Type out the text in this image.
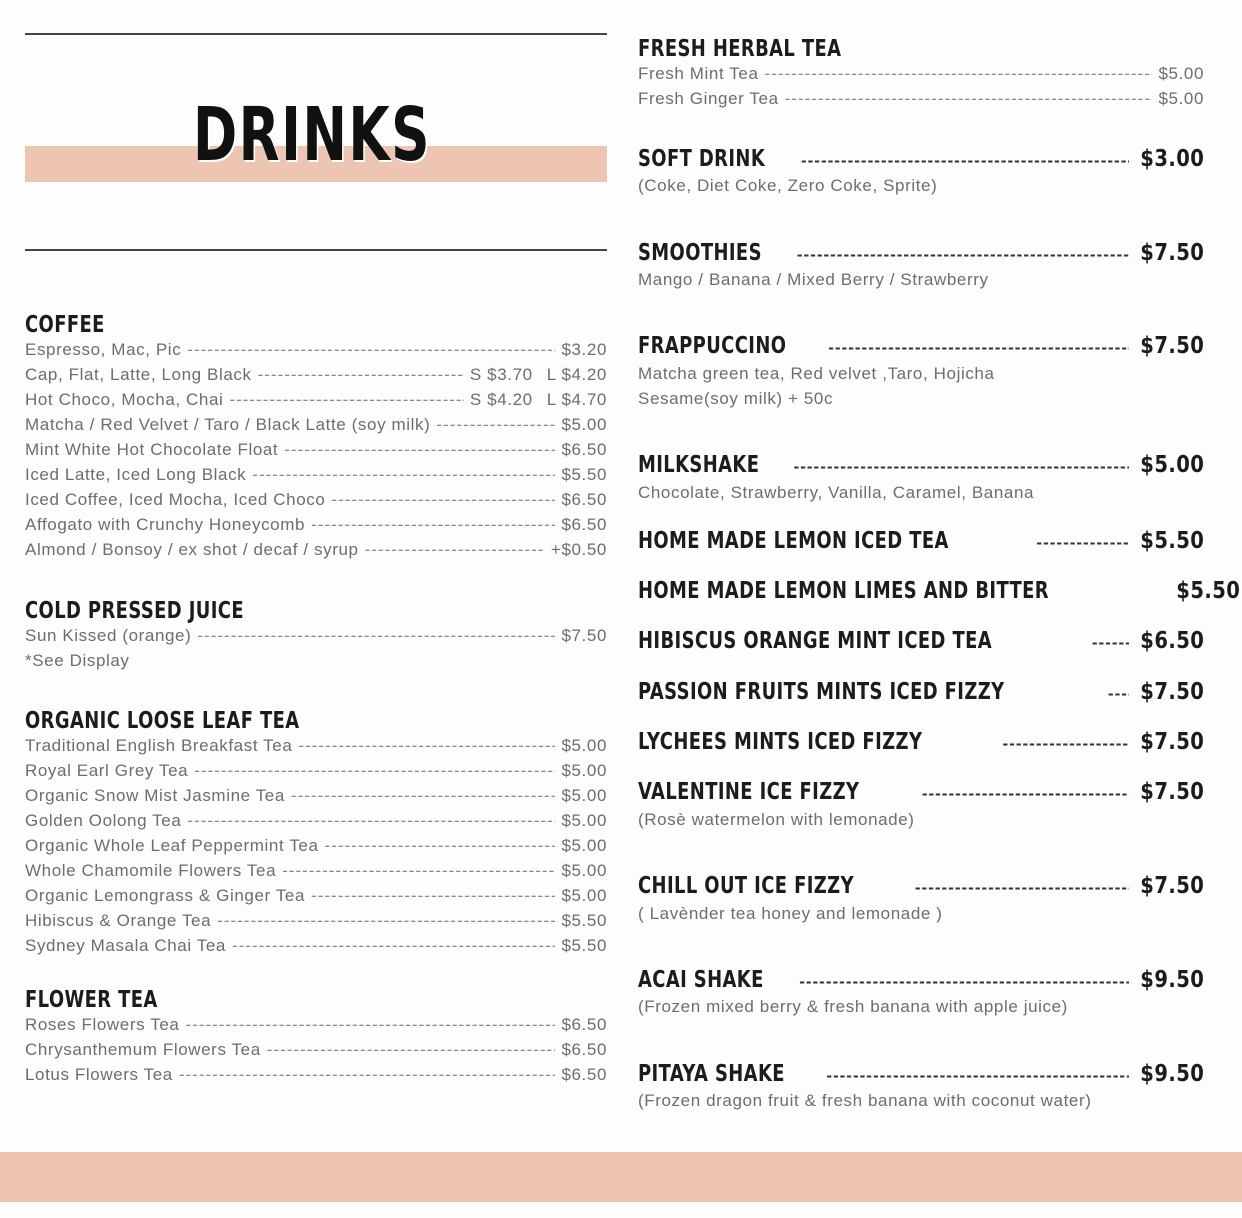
DRINKS
COFFEE
Espresso, Mac, Pic -----	$3.20
Cap, Flat, Latte, Long Black -----	S $3.70 L $4.20
Hot Choco, Mocha, Chai -----	S $4.20 L $4.70
Matcha / Red Velvet / Taro / Black Latte (soy milk) -----	$5.00
Mint White Hot Chocolate Float -----	$6.50
Iced Latte, Iced Long Black -----	$5.50
Iced Coffee, Iced Mocha, Iced Choco -----	$6.50
Affogato with Crunchy Honeycomb -----	$6.50
Almond / Bonsoy / ex shot / decaf / syrup -----	+$0.50
COLD PRESSED JUICE
Sun Kissed (orange) -----	$7.50
*See Display
ORGANIC LOOSE LEAF TEA
Traditional English Breakfast Tea -----	$5.00
Royal Earl Grey Tea -----	$5.00
Organic Snow Mist Jasmine Tea -----	$5.00
Golden Oolong Tea -----	$5.00
Organic Whole Leaf Peppermint Tea -----	$5.00
Whole Chamomile Flowers Tea -----	$5.00
Organic Lemongrass & Ginger Tea -----	$5.00
Hibiscus & Orange Tea -----	$5.50
Sydney Masala Chai Tea -----	$5.50
FLOWER TEA
Roses Flowers Tea -----	$6.50
Chrysanthemum Flowers Tea -----	$6.50
Lotus Flowers Tea -----	$6.50
FRESH HERBAL TEA
Fresh Mint Tea -----	$5.00
Fresh Ginger Tea -----	$5.00
SOFT DRINK -----	$3.00
(Coke, Diet Coke, Zero Coke, Sprite)
SMOOTHIES -----	$7.50
Mango / Banana / Mixed Berry / Strawberry
FRAPPUCCINO -----	$7.50
Matcha green tea, Red velvet ,Taro, Hojicha
Sesame(soy milk) + 50c
MILKSHAKE -----	$5.00
Chocolate, Strawberry, Vanilla, Caramel, Banana
HOME MADE LEMON ICED TEA -----	$5.50
HOME MADE LEMON LIMES AND BITTER	$5.50
HIBISCUS ORANGE MINT ICED TEA -----	$6.50
PASSION FRUITS MINTS ICED FIZZY -----	$7.50
LYCHEES MINTS ICED FIZZY -----	$7.50
VALENTINE ICE FIZZY -----	$7.50
(Rosè watermelon with lemonade)
CHILL OUT ICE FIZZY -----	$7.50
( Lavènder tea honey and lemonade )
ACAI SHAKE -----	$9.50
(Frozen mixed berry & fresh banana with apple juice)
PITAYA SHAKE -----	$9.50
(Frozen dragon fruit & fresh banana with coconut water)
